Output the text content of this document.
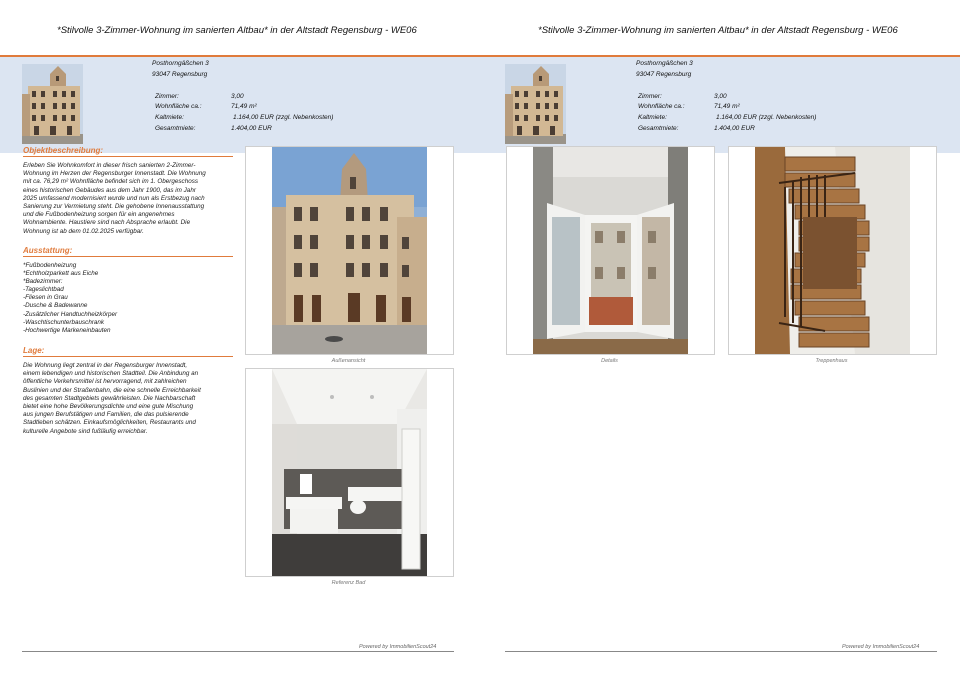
*Stilvolle 3-Zimmer-Wohnung im sanierten Altbau* in der Altstadt Regensburg - WE06
Posthorngäßchen 3
93047 Regensburg
Zimmer:	3,00
Wohnfläche ca.:	71,49 m²
Kaltmiete:	1.164,00 EUR (zzgl. Nebenkosten)
Gesamtmiete:	1.404,00 EUR
Objektbeschreibung:
Erleben Sie Wohnkomfort in dieser frisch sanierten 2-Zimmer-
Wohnung im Herzen der Regensburger Innenstadt. Die Wohnung
mit ca. 76,29 m² Wohnfläche befindet sich im 1. Obergeschoss
eines historischen Gebäudes aus dem Jahr 1900, das im Jahr
2025 umfassend modernisiert wurde und nun als Erstbezug nach
Sanierung zur Vermietung steht. Die gehobene Innenausstattung
und die Fußbodenheizung sorgen für ein angenehmes
Wohnambiente. Haustiere sind nach Absprache erlaubt. Die
Wohnung ist ab dem 01.02.2025 verfügbar.
Ausstattung:
*Fußbodenheizung
*Echtholzparkett aus Eiche
*Badezimmer:
-Tageslichtbad
-Fliesen in Grau
-Dusche & Badewanne
-Zusätzlicher Handtuchheizkörper
-Waschtischunterbauschrank
-Hochwertige Markeneinbauten
Lage:
Die Wohnung liegt zentral in der Regensburger Innenstadt,
einem lebendigen und historischen Stadtteil. Die Anbindung an
öffentliche Verkehrsmittel ist hervorragend, mit zahlreichen
Buslinien und der Straßenbahn, die eine schnelle Erreichbarkeit
des gesamten Stadtgebiets gewährleisten. Die Nachbarschaft
bietet eine hohe Bevölkerungsdichte und eine gute Mischung
aus jungen Berufstätigen und Familien, die das pulsierende
Stadtleben schätzen. Einkaufsmöglichkeiten, Restaurants und
kulturelle Angebote sind fußläufig erreichbar.
Außenansicht
Referenz Bad
Powered by ImmobilienScout24
*Stilvolle 3-Zimmer-Wohnung im sanierten Altbau* in der Altstadt Regensburg - WE06
Posthorngäßchen 3
93047 Regensburg
Zimmer:	3,00
Wohnfläche ca.:	71,49 m²
Kaltmiete:	1.164,00 EUR (zzgl. Nebenkosten)
Gesamtmiete:	1.404,00 EUR
Details	Treppenhaus
Powered by ImmobilienScout24
